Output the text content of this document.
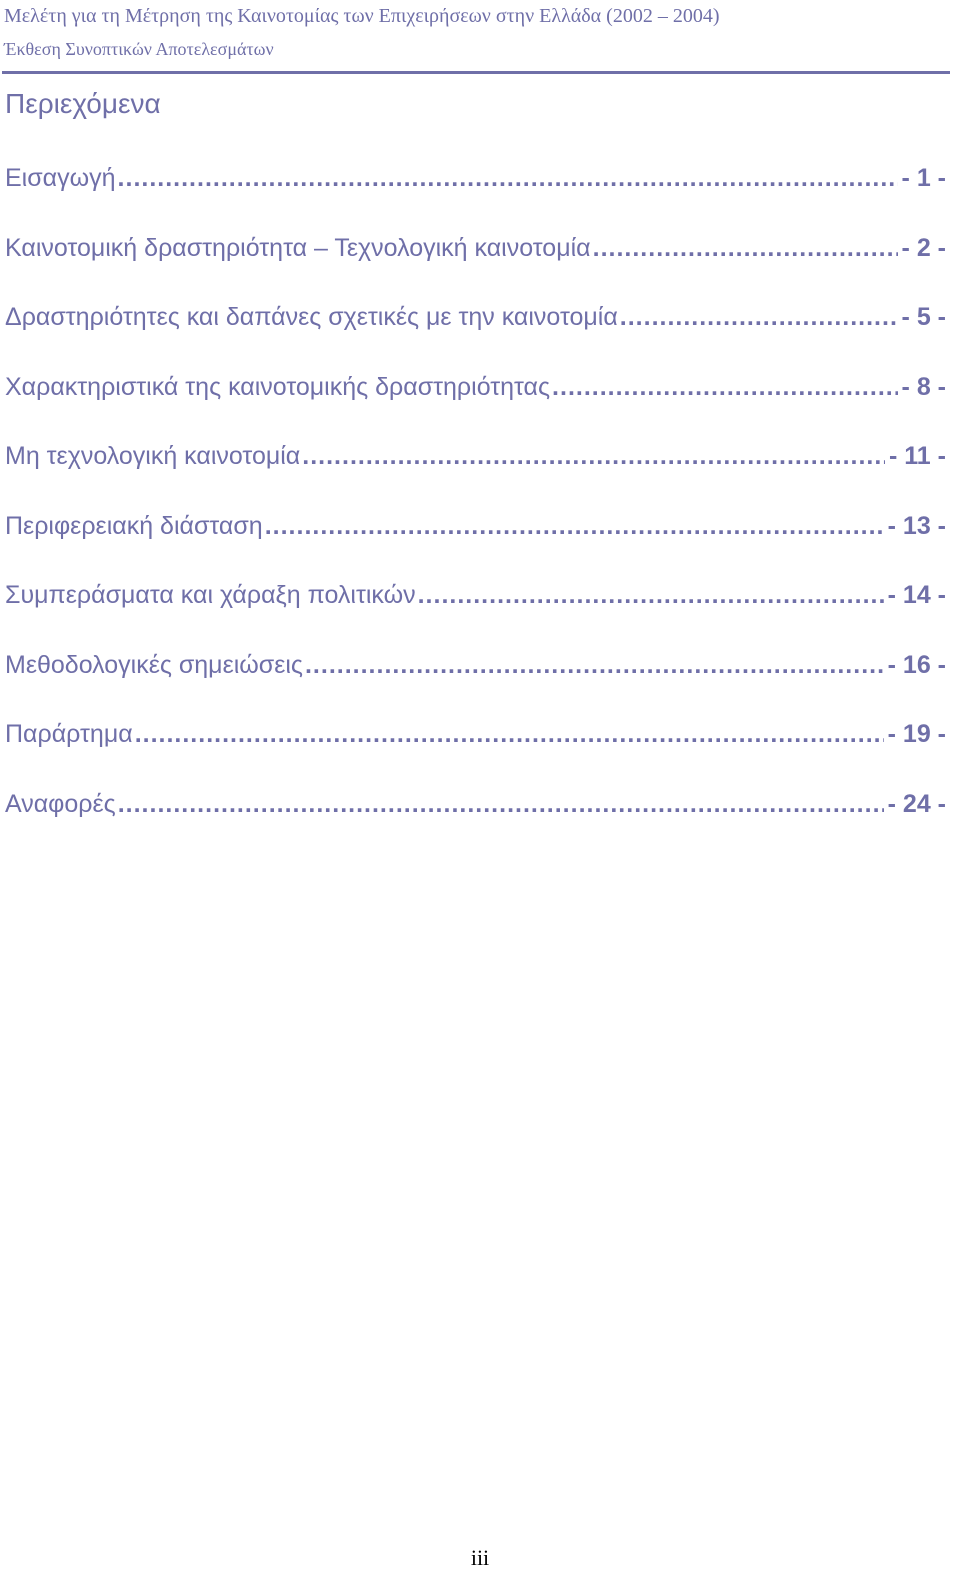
Μελέτη για τη Μέτρηση της Καινοτομίας των Επιχειρήσεων στην Ελλάδα (2002 – 2004)
Έκθεση Συνοπτικών Αποτελεσμάτων
Περιεχόμενα
Εισαγωγή .....	- 1 -
Καινοτομική δραστηριότητα – Τεχνολογική καινοτομία .....	- 2 -
Δραστηριότητες και δαπάνες σχετικές με την καινοτομία .....	- 5 -
Χαρακτηριστικά της καινοτομικής δραστηριότητας .....	- 8 -
Μη τεχνολογική καινοτομία .....	- 11 -
Περιφερειακή διάσταση .....	- 13 -
Συμπεράσματα και χάραξη πολιτικών .....	- 14 -
Μεθοδολογικές σημειώσεις .....	- 16 -
Παράρτημα .....	- 19 -
Αναφορές .....	- 24 -
iii
